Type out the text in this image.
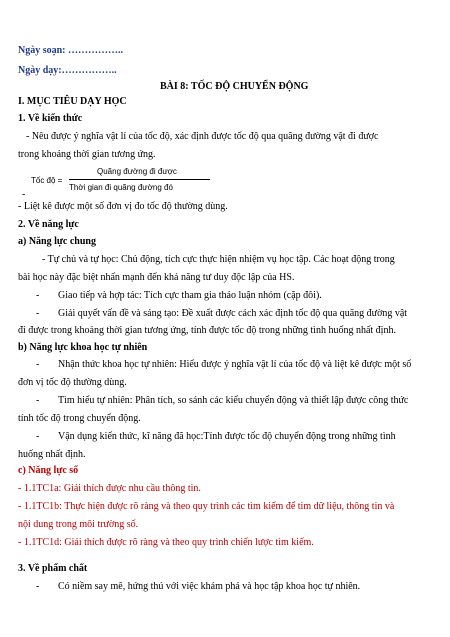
Ngày soạn: ……………..
Ngày dạy:……………..
BÀI 8: TỐC ĐỘ CHUYỂN ĐỘNG
I. MỤC TIÊU DẠY HỌC
1. Về kiến thức
- Nêu được ý nghĩa vật lí của tốc độ, xác định được tốc độ qua quãng đường vật đi được
trong khoảng thời gian tương ứng.
Tốc độ =
Quãng đường đi được
Thời gian đi quãng đường đó
-
- Liệt kê được một số đơn vị đo tốc độ thường dùng.
2. Về năng lực
a) Năng lực chung
- Tự chủ và tự học: Chủ động, tích cực thực hiện nhiệm vụ học tập. Các hoạt động trong
bài học này đặc biệt nhấn mạnh đến khả năng tư duy độc lập của HS.
- Giao tiếp và hợp tác: Tích cực tham gia thảo luận nhóm (cặp đôi).
- Giải quyết vấn đề và sáng tạo: Đề xuất được cách xác định tốc độ qua quãng đường vật
đi được trong khoảng thời gian tương ứng, tính được tốc độ trong những tình huống nhất định.
b) Năng lực khoa học tự nhiên
- Nhận thức khoa học tự nhiên: Hiểu được ý nghĩa vật lí của tốc độ và liệt kê được một số
đơn vị tốc độ thường dùng.
- Tìm hiểu tự nhiên: Phân tích, so sánh các kiểu chuyển động và thiết lập được công thức
tính tốc độ trong chuyển động.
- Vận dụng kiến thức, kĩ năng đã học:Tính được tốc độ chuyển động trong những tình
huống nhất định.
c) Năng lực số
- 1.1TC1a: Giải thích được nhu cầu thông tin.
- 1.1TC1b: Thực hiện được rõ ràng và theo quy trình các tìm kiếm để tìm dữ liệu, thông tin và
nội dung trong môi trường số.
- 1.1TC1d: Giải thích được rõ ràng và theo quy trình chiến lược tìm kiếm.
3. Về phẩm chất
- Có niềm say mê, hứng thú với việc khám phá và học tập khoa học tự nhiên.
